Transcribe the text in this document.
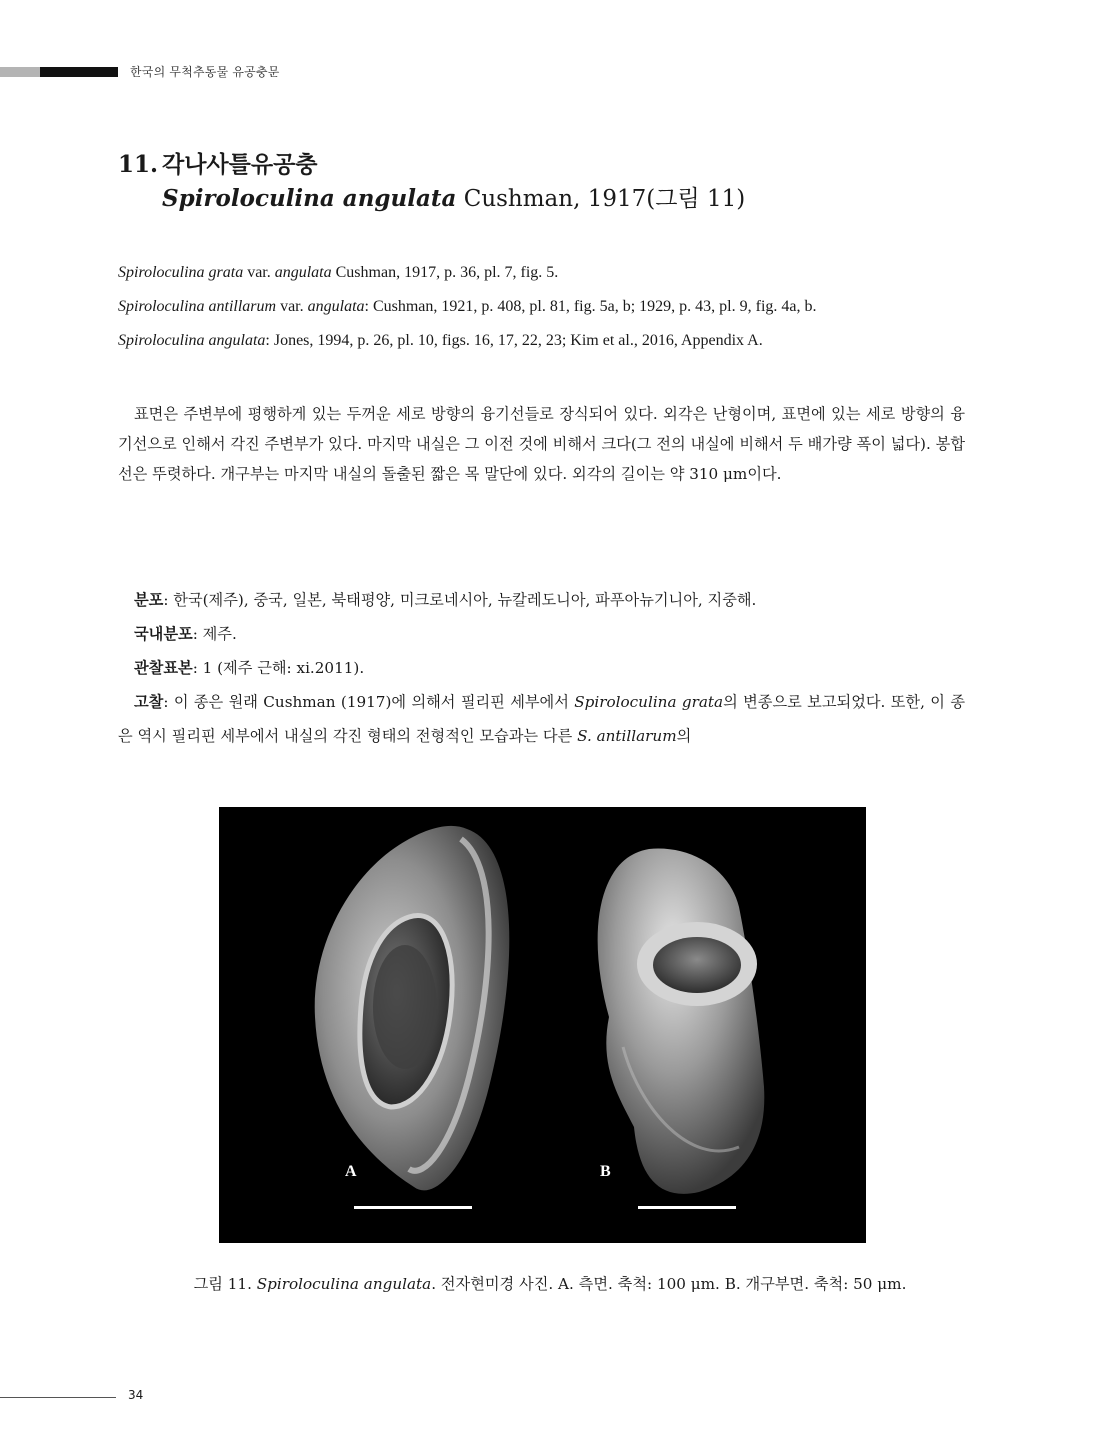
한국의 무척추동물 유공충문
11. 각나사틀유공충
Spiroloculina angulata Cushman, 1917(그림 11)
Spiroloculina grata var. angulata Cushman, 1917, p. 36, pl. 7, fig. 5.
Spiroloculina antillarum var. angulata: Cushman, 1921, p. 408, pl. 81, fig. 5a, b; 1929, p. 43, pl. 9, fig. 4a, b.
Spiroloculina angulata: Jones, 1994, p. 26, pl. 10, figs. 16, 17, 22, 23; Kim et al., 2016, Appendix A.
표면은 주변부에 평행하게 있는 두꺼운 세로 방향의 융기선들로 장식되어 있다. 외각은 난형이며, 표면에 있는 세로 방향의 융기선으로 인해서 각진 주변부가 있다. 마지막 내실은 그 이전 것에 비해서 크다(그 전의 내실에 비해서 두 배가량 폭이 넓다). 봉합선은 뚜렷하다. 개구부는 마지막 내실의 돌출된 짧은 목 말단에 있다. 외각의 길이는 약 310 μm이다.
분포: 한국(제주), 중국, 일본, 북태평양, 미크로네시아, 뉴칼레도니아, 파푸아뉴기니아, 지중해.
국내분포: 제주.
관찰표본: 1 (제주 근해: xi.2011).
고찰: 이 종은 원래 Cushman (1917)에 의해서 필리핀 세부에서 Spiroloculina grata의 변종으로 보고되었다. 또한, 이 종은 역시 필리핀 세부에서 내실의 각진 형태의 전형적인 모습과는 다른 S. antillarum의
A	B
그림 11. Spiroloculina angulata. 전자현미경 사진. A. 측면. 축척: 100 μm. B. 개구부면. 축척: 50 μm.
34
